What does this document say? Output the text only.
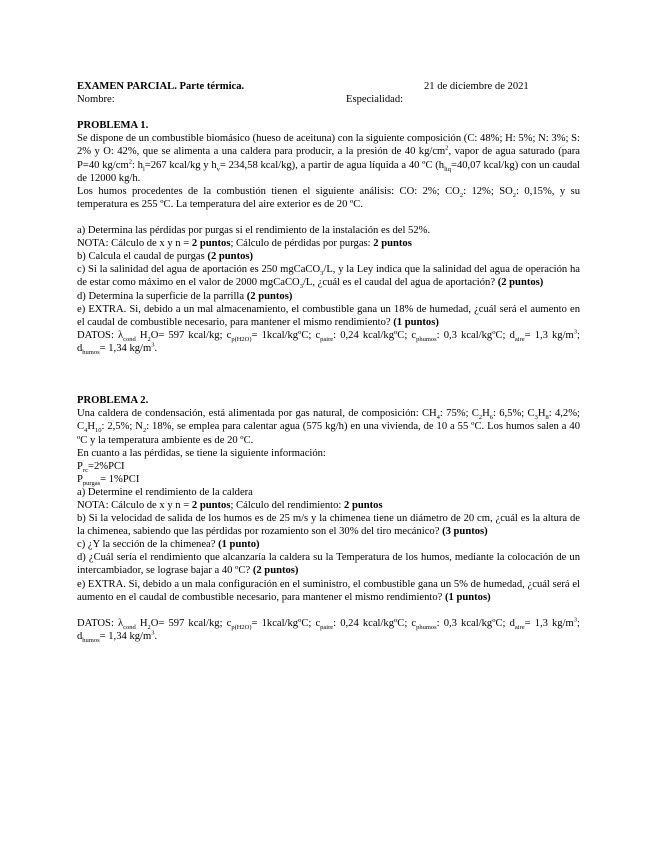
EXAMEN PARCIAL. Parte térmica.	21 de diciembre de 2021
Nombre:	Especialidad:

PROBLEMA 1.

Se dispone de un combustible biomásico (hueso de aceituna) con la siguiente composición (C: 48%; H: 5%; N: 3%; S: 2% y O: 42%, que se alimenta a una caldera para producir, a la presión de 40 $kg/cm^2$, vapor de agua saturado (para P=40 $kg/cm^2$: $h_l=267$ kcal/kg y $h_v= 234,58$ kcal/kg), a partir de agua líquida a 40 ºC ($h_{liq}=40,07$ kcal/kg) con un caudal de 12000 kg/h.

Los humos procedentes de la combustión tienen el siguiente análisis: CO: 2%; $CO_2$: 12%; $SO_2$: 0,15%, y su temperatura es 255 ºC. La temperatura del aire exterior es de 20 ºC.

a) Determina las pérdidas por purgas si el rendimiento de la instalación es del 52%.

NOTA: Cálculo de x y n = 2 puntos; Cálculo de pérdidas por purgas: 2 puntos

b) Calcula el caudal de purgas (2 puntos)

c) Si la salinidad del agua de aportación es 250 mgCaCO$_3$/L, y la Ley indica que la salinidad del agua de operación ha de estar como máximo en el valor de 2000 mgCaCO$_3$/L, ¿cuál es el caudal del agua de aportación? (2 puntos)

d) Determina la superficie de la parrilla (2 puntos)

e) EXTRA. Si, debido a un mal almacenamiento, el combustible gana un 18% de humedad, ¿cuál será el aumento en el caudal de combustible necesario, para mantener el mismo rendimiento? (1 puntos)

DATOS: $\lambda_{cond}$ $H_2O= 597$ kcal/kg; $c_{p(H2O)}=$ 1kcal/kgºC; $c_{paire}$: 0,24 kcal/kgºC; $c_{phumos}$: 0,3 kcal/kgºC; $d_{aire}= 1,3$ $kg/m^3$; $d_{humos}= 1,34$ $kg/m^3$.

PROBLEMA 2.

Una caldera de condensación, está alimentada por gas natural, de composición: $CH_4$: 75%; $C_2H_6$: 6,5%; $C_3H_8$: 4,2%; $C_4H_{10}$: 2,5%; $N_2$: 18%, se emplea para calentar agua (575 kg/h) en una vivienda, de 10 a 55 ºC. Los humos salen a 40 ºC y la temperatura ambiente es de 20 ºC.

En cuanto a las pérdidas, se tiene la siguiente información:

$P_{rc}=2\%PCI$

$P_{purgas}= 1\%PCI$

a) Determine el rendimiento de la caldera

NOTA: Cálculo de x y n = 2 puntos; Cálculo del rendimiento: 2 puntos

b) Si la velocidad de salida de los humos es de 25 m/s y la chimenea tiene un diámetro de 20 cm, ¿cuál es la altura de la chimenea, sabiendo que las pérdidas por rozamiento son el 30% del tiro mecánico? (3 puntos)

c) ¿Y la sección de la chimenea? (1 punto)

d) ¿Cuál sería el rendimiento que alcanzaría la caldera su la Temperatura de los humos, mediante la colocación de un intercambiador, se lograse bajar a 40 ºC? (2 puntos)

e) EXTRA. Si, debido a un mala configuración en el suministro, el combustible gana un 5% de humedad, ¿cuál será el aumento en el caudal de combustible necesario, para mantener el mismo rendimiento? (1 puntos)

DATOS: $\lambda_{cond}$ $H_2O= 597$ kcal/kg; $c_{p(H2O)}=$ 1kcal/kgºC; $c_{paire}$: 0,24 kcal/kgºC; $c_{phumos}$: 0,3 kcal/kgºC; $d_{aire}= 1,3$ $kg/m^3$; $d_{humos}= 1,34$ $kg/m^3$.
